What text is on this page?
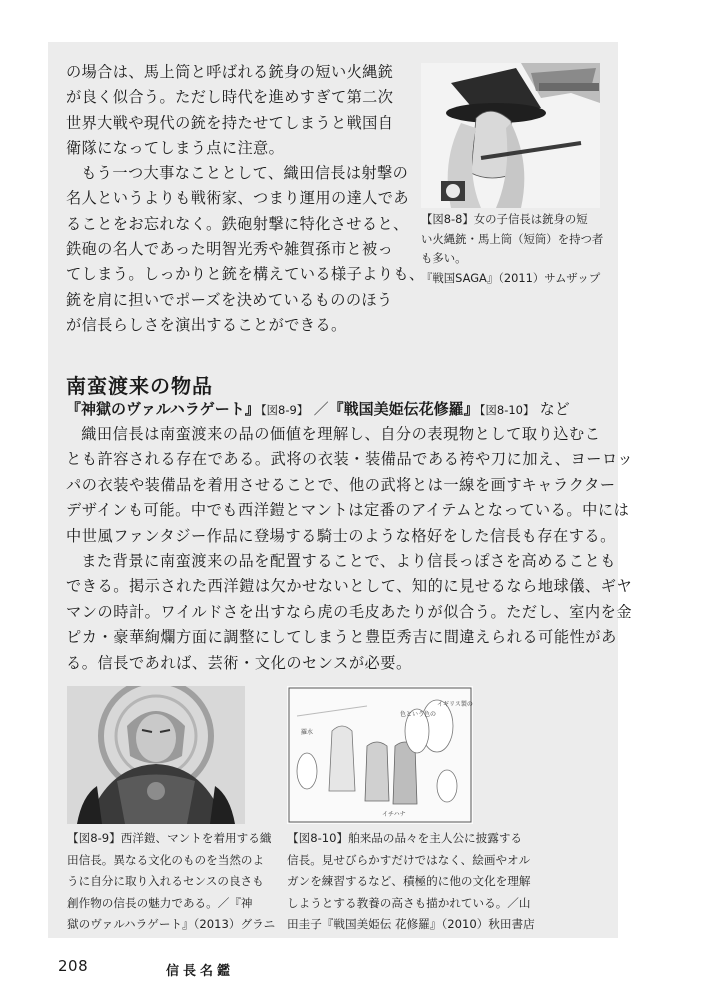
の場合は、馬上筒と呼ばれる銃身の短い火縄銃

が良く似合う。ただし時代を進めすぎて第二次

世界大戦や現代の銃を持たせてしまうと戦国自

衛隊になってしまう点に注意。

もう一つ大事なこととして、織田信長は射撃の

名人というよりも戦術家、つまり運用の達人であ

ることをお忘れなく。鉄砲射撃に特化させると、

鉄砲の名人であった明智光秀や雑賀孫市と被っ

てしまう。しっかりと銃を構えている様子よりも、

銃を肩に担いでポーズを決めているもののほう

が信長らしさを演出することができる。

【図8-8】女の子信長は銃身の短

い火縄銃・馬上筒（短筒）を持つ者

も多い。

『戦国SAGA』（2011）サムザップ

南蛮渡来の物品
『神獄のヴァルハラゲート』【図8-9】 ／『戦国美姫伝花修羅』【図8-10】 など

織田信長は南蛮渡来の品の価値を理解し、自分の表現物として取り込むこ

とも許容される存在である。武将の衣装・装備品である袴や刀に加え、ヨーロッ

パの衣装や装備品を着用させることで、他の武将とは一線を画すキャラクター

デザインも可能。中でも西洋鎧とマントは定番のアイテムとなっている。中には

中世風ファンタジー作品に登場する騎士のような格好をした信長も存在する。

また背景に南蛮渡来の品を配置することで、より信長っぽさを高めることも

できる。掲示された西洋鎧は欠かせないとして、知的に見せるなら地球儀、ギヤ

マンの時計。ワイルドさを出すなら虎の毛皮あたりが似合う。ただし、室内を金

ピカ・豪華絢爛方面に調整にしてしまうと豊臣秀吉に間違えられる可能性があ

る。信長であれば、芸術・文化のセンスが必要。

イギリス製の
色という色の
羅水
イチハナ

【図8-9】西洋鎧、マントを着用する織

田信長。異なる文化のものを当然のよ

うに自分に取り入れるセンスの良さも

創作物の信長の魅力である。／『神

獄のヴァルハラゲート』（2013）グラニ

【図8-10】舶来品の品々を主人公に披露する

信長。見せびらかすだけではなく、絵画やオル

ガンを練習するなど、積極的に他の文化を理解

しようとする教養の高さも描かれている。／山

田圭子『戦国美姫伝 花修羅』（2010）秋田書店

208	信長名鑑
